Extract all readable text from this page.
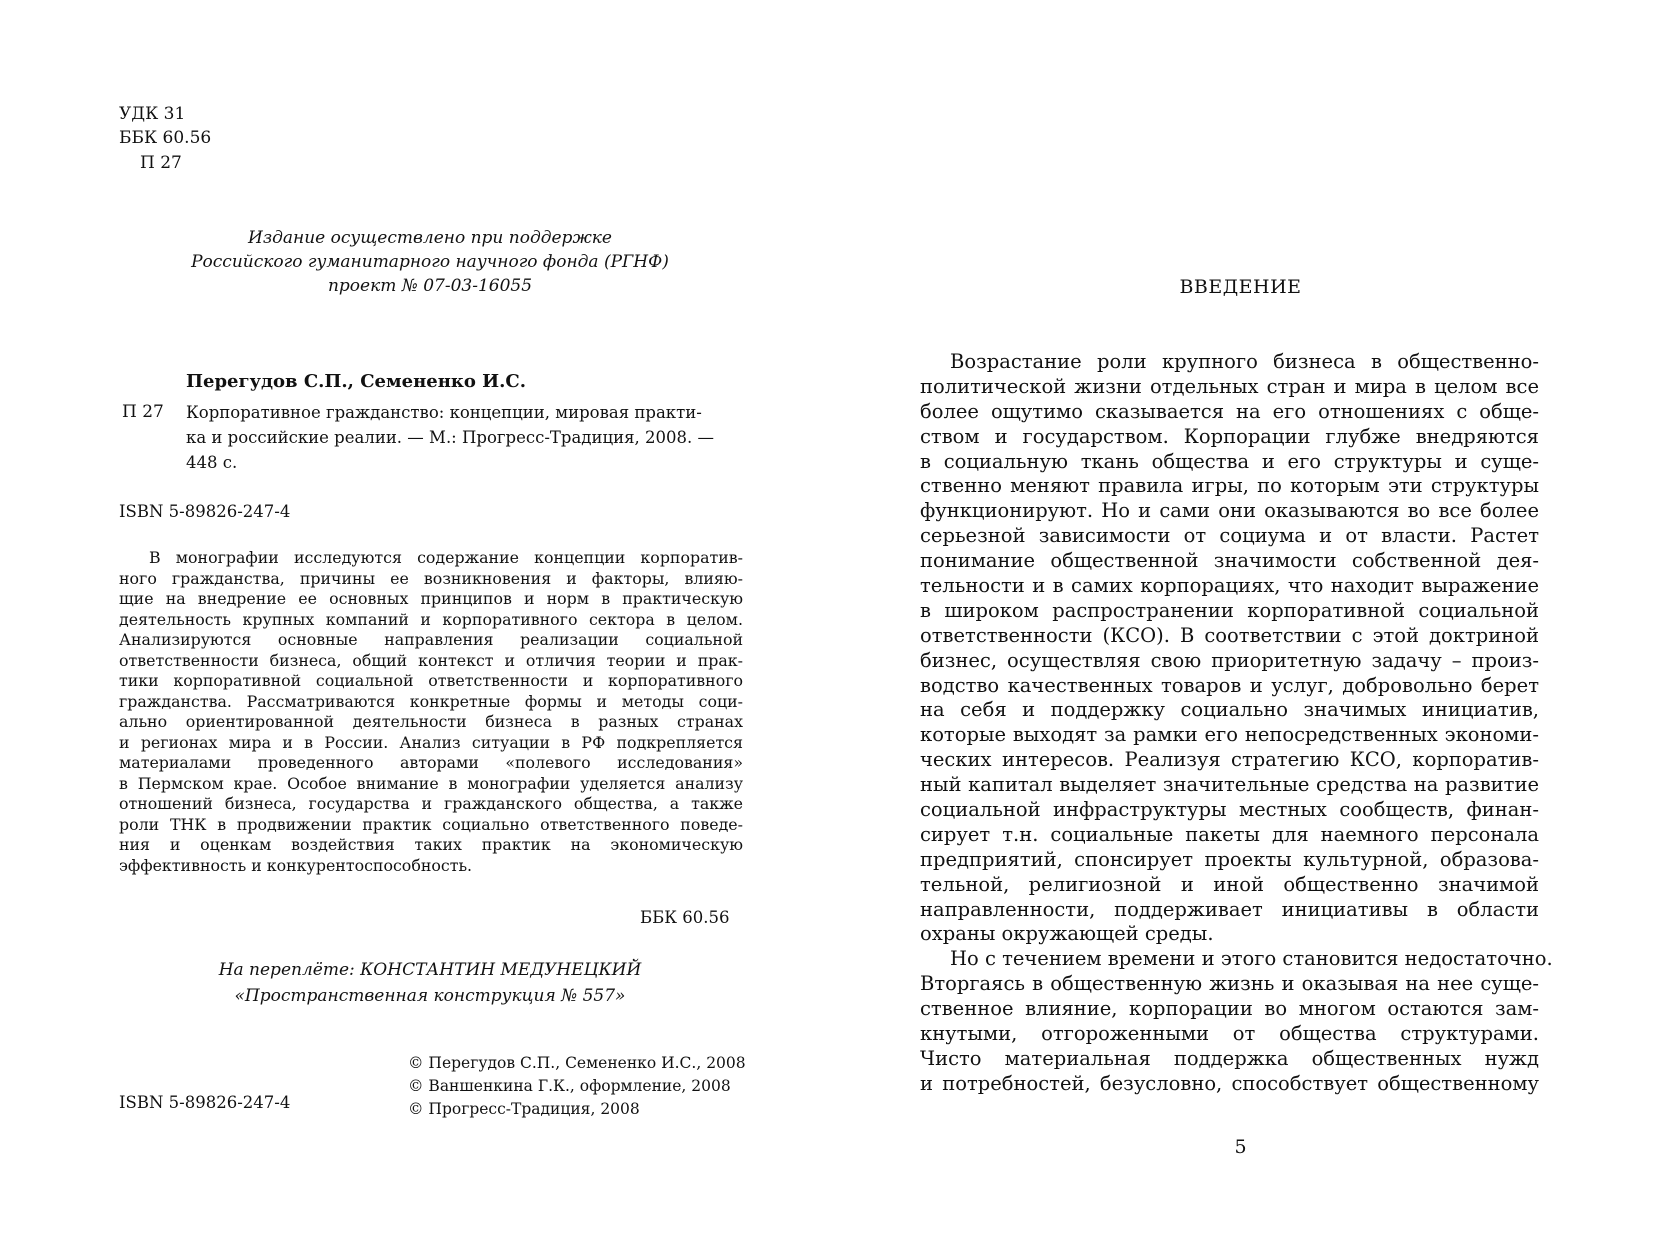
УДК 31
ББК 60.56
П 27
Издание осуществлено при поддержке
Российского гуманитарного научного фонда (РГНФ)
проект № 07-03-16055
Перегудов С.П., Семененко И.С.
П 27 Корпоративное гражданство: концепции, мировая практи-
ка и российские реалии. — М.: Прогресс-Традиция, 2008. —
448 с.
ISBN 5-89826-247-4
В монографии исследуются содержание концепции корпоратив-
ного гражданства, причины ее возникновения и факторы, влияю-
щие на внедрение ее основных принципов и норм в практическую
деятельность крупных компаний и корпоративного сектора в целом.
Анализируются основные направления реализации социальной
ответственности бизнеса, общий контекст и отличия теории и прак-
тики корпоративной социальной ответственности и корпоративного
гражданства. Рассматриваются конкретные формы и методы соци-
ально ориентированной деятельности бизнеса в разных странах
и регионах мира и в России. Анализ ситуации в РФ подкрепляется
материалами проведенного авторами «полевого исследования»
в Пермском крае. Особое внимание в монографии уделяется анализу
отношений бизнеса, государства и гражданского общества, а также
роли ТНК в продвижении практик социально ответственного поведе-
ния и оценкам воздействия таких практик на экономическую
эффективность и конкурентоспособность.
ББК 60.56
На переплёте: КОНСТАНТИН МЕДУНЕЦКИЙ
«Пространственная конструкция № 557»
© Перегудов С.П., Семененко И.С., 2008
© Ваншенкина Г.К., оформление, 2008
© Прогресс-Традиция, 2008
ISBN 5-89826-247-4
ВВЕДЕНИЕ
Возрастание роли крупного бизнеса в общественно-
политической жизни отдельных стран и мира в целом все
более ощутимо сказывается на его отношениях с обще-
ством и государством. Корпорации глубже внедряются
в социальную ткань общества и его структуры и суще-
ственно меняют правила игры, по которым эти структуры
функционируют. Но и сами они оказываются во все более
серьезной зависимости от социума и от власти. Растет
понимание общественной значимости собственной дея-
тельности и в самих корпорациях, что находит выражение
в широком распространении корпоративной социальной
ответственности (КСО). В соответствии с этой доктриной
бизнес, осуществляя свою приоритетную задачу – произ-
водство качественных товаров и услуг, добровольно берет
на себя и поддержку социально значимых инициатив,
которые выходят за рамки его непосредственных экономи-
ческих интересов. Реализуя стратегию КСО, корпоратив-
ный капитал выделяет значительные средства на развитие
социальной инфраструктуры местных сообществ, финан-
сирует т.н. социальные пакеты для наемного персонала
предприятий, спонсирует проекты культурной, образова-
тельной, религиозной и иной общественно значимой
направленности, поддерживает инициативы в области
охраны окружающей среды.
Но с течением времени и этого становится недостаточно.
Вторгаясь в общественную жизнь и оказывая на нее суще-
ственное влияние, корпорации во многом остаются зам-
кнутыми, отгороженными от общества структурами.
Чисто материальная поддержка общественных нужд
и потребностей, безусловно, способствует общественному
5
